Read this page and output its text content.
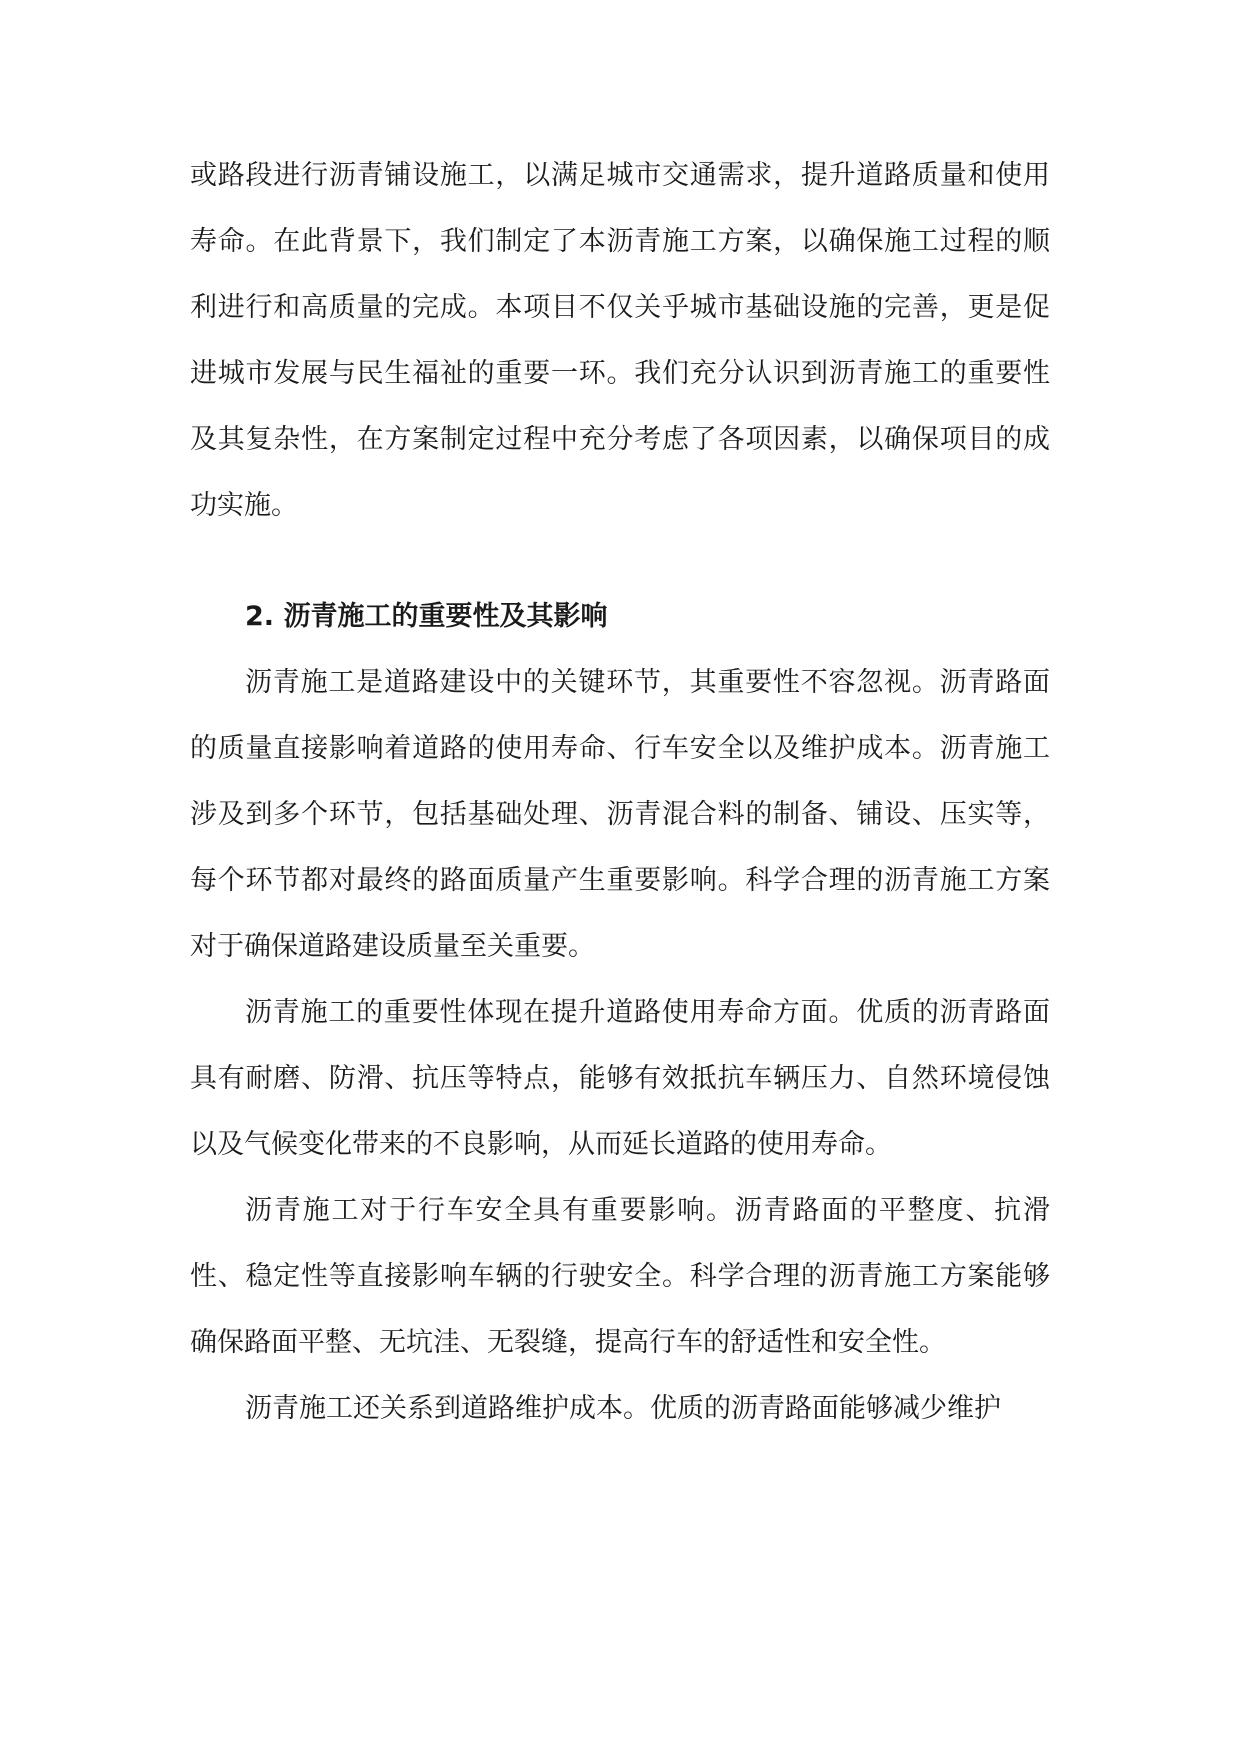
或路段进行沥青铺设施工，以满足城市交通需求，提升道路质量和使用寿命。在此背景下，我们制定了本沥青施工方案，以确保施工过程的顺利进行和高质量的完成。本项目不仅关乎城市基础设施的完善，更是促进城市发展与民生福祉的重要一环。我们充分认识到沥青施工的重要性及其复杂性，在方案制定过程中充分考虑了各项因素，以确保项目的成功实施。

2. 沥青施工的重要性及其影响

沥青施工是道路建设中的关键环节，其重要性不容忽视。沥青路面的质量直接影响着道路的使用寿命、行车安全以及维护成本。沥青施工涉及到多个环节，包括基础处理、沥青混合料的制备、铺设、压实等，每个环节都对最终的路面质量产生重要影响。科学合理的沥青施工方案对于确保道路建设质量至关重要。

沥青施工的重要性体现在提升道路使用寿命方面。优质的沥青路面具有耐磨、防滑、抗压等特点，能够有效抵抗车辆压力、自然环境侵蚀以及气候变化带来的不良影响，从而延长道路的使用寿命。

沥青施工对于行车安全具有重要影响。沥青路面的平整度、抗滑性、稳定性等直接影响车辆的行驶安全。科学合理的沥青施工方案能够确保路面平整、无坑洼、无裂缝，提高行车的舒适性和安全性。

沥青施工还关系到道路维护成本。优质的沥青路面能够减少维护
